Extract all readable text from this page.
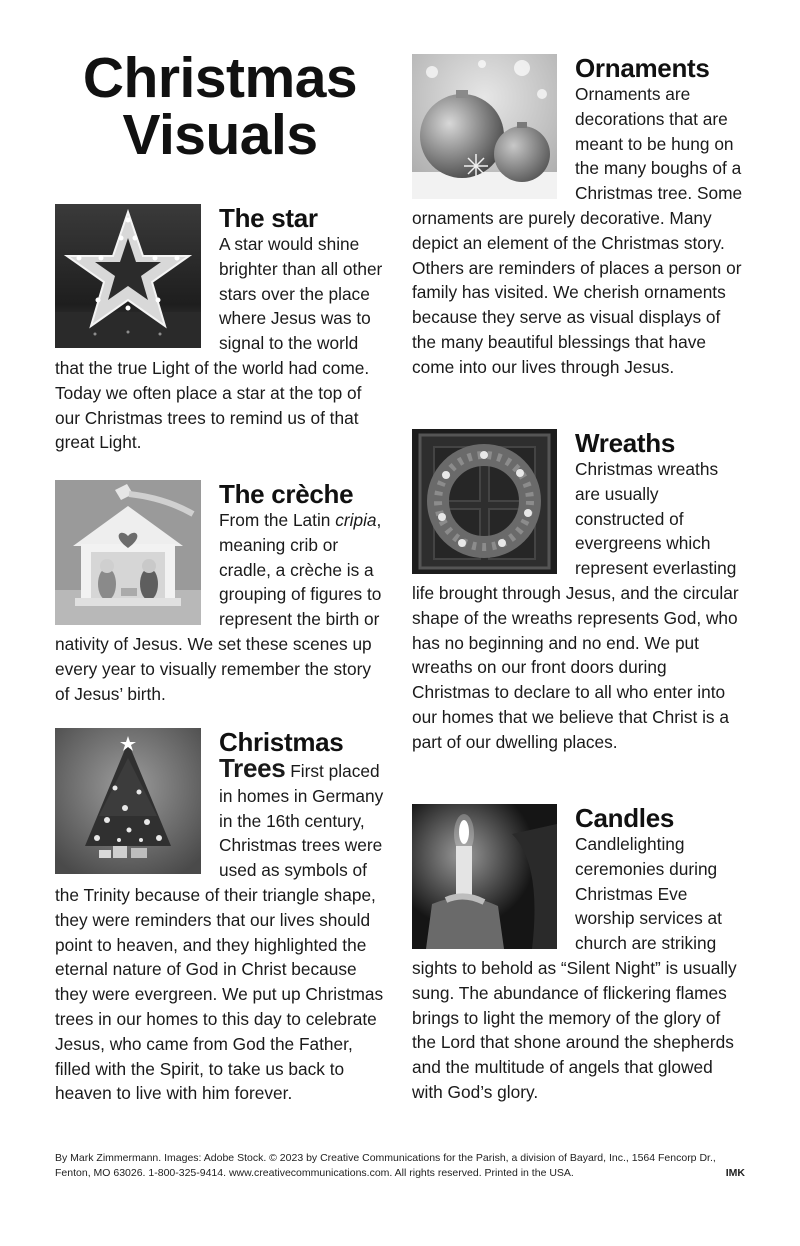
Christmas
Visuals
The star

A star would shine brighter than all other stars over the place where Jesus was to signal to the world that the true Light of the world had come. Today we often place a star at the top of our Christmas trees to remind us of that great Light.

The crèche

From the Latin cripia, meaning crib or cradle, a crèche is a grouping of figures to represent the birth or nativity of Jesus. We set these scenes up every year to visually remember the story of Jesus’ birth.

Christmas

Trees First placed in homes in Germany in the 16th century, Christmas trees were used as symbols of the Trinity because of their triangle shape, they were reminders that our lives should point to heaven, and they highlighted the eternal nature of God in Christ because they were evergreen. We put up Christmas trees in our homes to this day to celebrate Jesus, who came from God the Father, filled with the Spirit, to take us back to heaven to live with him forever.

Ornaments

Ornaments are decorations that are meant to be hung on the many boughs of a Christmas tree. Some ornaments are purely decorative. Many depict an element of the Christmas story. Others are reminders of places a person or family has visited. We cherish ornaments because they serve as visual displays of the many beautiful blessings that have come into our lives through Jesus.

Wreaths

Christmas wreaths are usually constructed of evergreens which represent everlasting life brought through Jesus, and the circular shape of the wreaths represents God, who has no beginning and no end. We put wreaths on our front doors during Christmas to declare to all who enter into our homes that we believe that Christ is a part of our dwelling places.

Candles

Candlelighting ceremonies during Christmas Eve worship services at church are striking sights to behold as “Silent Night” is usually sung. The abundance of flickering flames brings to light the memory of the glory of the Lord that shone around the shepherds and the multitude of angels that glowed with God’s glory.

By Mark Zimmermann. Images: Adobe Stock. © 2023 by Creative Communications for the Parish, a division of Bayard, Inc., 1564 Fencorp Dr., Fenton, MO 63026. 1-800-325-9414. www.creativecommunications.com. All rights reserved. Printed in the USA.	IMK
